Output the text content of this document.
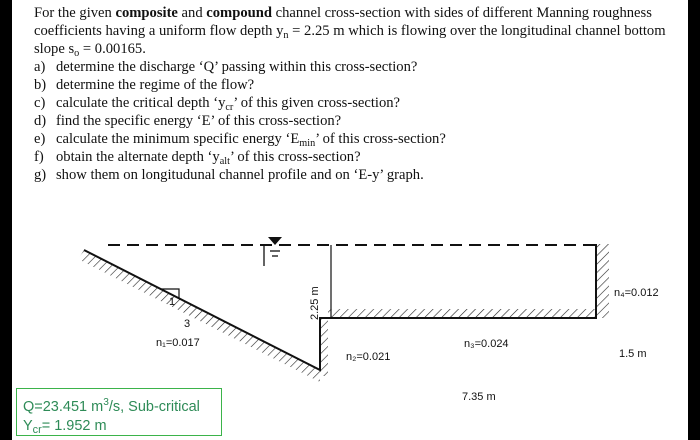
For the given composite and compound channel cross-section with sides of different Manning roughness coefficients having a uniform flow depth $y_n = 2.25$ m which is flowing over the longitudinal channel bottom slope $s_o = 0.00165$.

a) determine the discharge ‘Q’ passing within this cross-section?
b) determine the regime of the flow?
c) calculate the critical depth ‘$y_{cr}$’ of this given cross-section?
d) find the specific energy ‘E’ of this cross-section?
e) calculate the minimum specific energy ‘$E_{min}$’ of this cross-section?
f) obtain the alternate depth ‘$y_{alt}$’ of this cross-section?
g) show them on longitudunal channel profile and on ‘E-y’ graph.
2.25 m
1
3
n₁=0.017
n₂=0.021
n₃=0.024
n₄=0.012
7.35 m
1.5 m
Q=23.451 $m^3/s$, Sub-critical
$Y_{cr}= 1.952$ m
